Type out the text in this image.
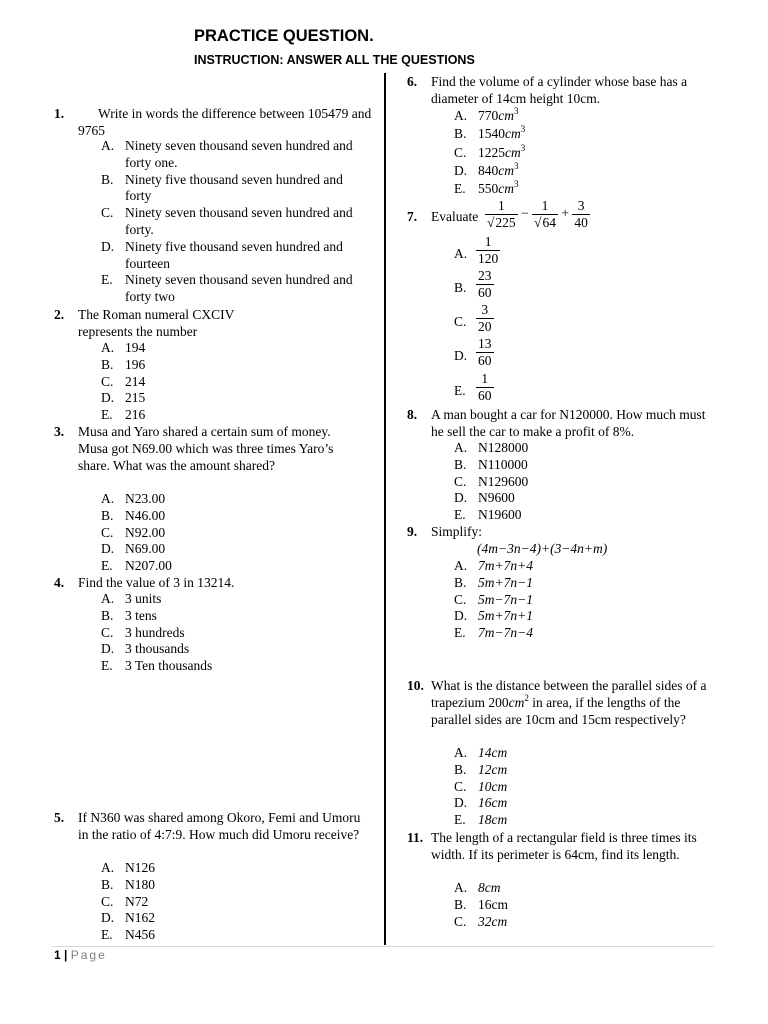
PRACTICE QUESTION.
INSTRUCTION: ANSWER ALL THE QUESTIONS
1.	Write in words the difference between 105479 and 9765
A. Ninety seven thousand seven hundred and forty one.
B. Ninety five thousand seven hundred and forty
C. Ninety seven thousand seven hundred and forty.
D. Ninety five thousand seven hundred and fourteen
E. Ninety seven thousand seven hundred and forty two
2. The Roman numeral CXCIV represents the number
A. 194
B. 196
C. 214
D. 215
E. 216
3. Musa and Yaro shared a certain sum of money. Musa got N69.00 which was three times Yaro’s share. What was the amount shared?
A. N23.00
B. N46.00
C. N92.00
D. N69.00
E. N207.00
4. Find the value of 3 in 13214.
A. 3 units
B. 3 tens
C. 3 hundreds
D. 3 thousands
E. 3 Ten thousands
5. If N360 was shared among Okoro, Femi and Umoru in the ratio of 4:7:9. How much did Umoru receive?
A. N126
B. N180
C. N72
D. N162
E. N456
6. Find the volume of a cylinder whose base has a diameter of 14cm height 10cm.
A. $770cm^3$
B. $1540cm^3$
C. $1225cm^3$
D. $840cm^3$
E. $550cm^3$
7. Evaluate $\frac{1}{√225} - \frac{1}{√64} + \frac{3}{40}$
A. $\frac{1}{120}$
B. $\frac{23}{60}$
C. $\frac{3}{20}$
D. $\frac{13}{60}$
E. $\frac{1}{60}$
8. A man bought a car for N120000. How much must he sell the car to make a profit of 8%.
A. N128000
B. N110000
C. N129600
D. N9600
E. N19600
9. Simplify:
(4m−3n−4)+(3−4n+m)
A. 7m+7n+4
B. 5m+7n−1
C. 5m−7n−1
D. 5m+7n+1
E. 7m−7n−4
10. What is the distance between the parallel sides of a trapezium $200cm^2$ in area, if the lengths of the parallel sides are 10cm and 15cm respectively?
A. 14cm
B. 12cm
C. 10cm
D. 16cm
E. 18cm
11. The length of a rectangular field is three times its width. If its perimeter is 64cm, find its length.
A. 8cm
B. 16cm
C. 32cm
1 | Page
